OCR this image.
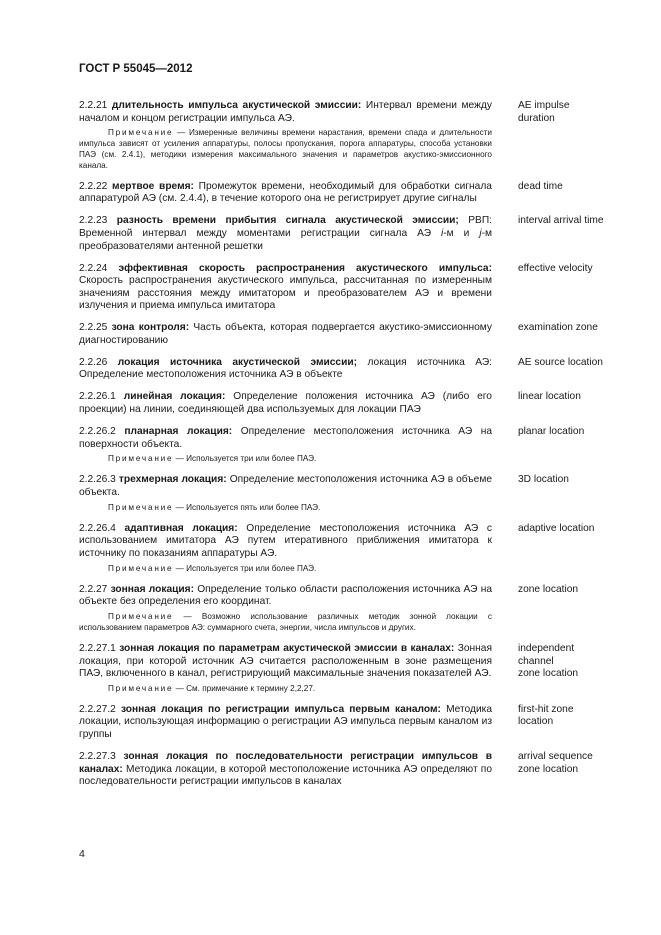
ГОСТ Р 55045—2012

2.2.21 длительность импульса акустической эмиссии: Интервал времени между началом и концом регистрации импульса АЭ.

Примечание — Измеренные величины времени нарастания, времени спада и длительности импульса зависят от усиления аппаратуры, полосы пропускания, порога аппаратуры, способа установки ПАЭ (см. 2.4.1), методики измерения максимального значения и параметров акустико-эмиссионного канала.
AE impulse
duration

2.2.22 мертвое время: Промежуток времени, необходимый для обработки сигнала аппаратурой АЭ (см. 2.4.4), в течение которого она не регистрирует другие сигналы

dead time

2.2.23 разность времени прибытия сигнала акустической эмиссии; РВП: Временной интервал между моментами регистрации сигнала АЭ i-м и j-м преобразователями антенной решетки

interval arrival time

2.2.24 эффективная скорость распространения акустического импульса: Скорость распространения акустического импульса, рассчитанная по измеренным значениям расстояния между имитатором и преобразователем АЭ и времени излучения и приема импульса имитатора

effective velocity

2.2.25 зона контроля: Часть объекта, которая подвергается акустико-эмиссионному диагностированию

examination zone

2.2.26 локация источника акустической эмиссии; локация источника АЭ: Определение местоположения источника АЭ в объекте

AE source location

2.2.26.1 линейная локация: Определение положения источника АЭ (либо его проекции) на линии, соединяющей два используемых для локации ПАЭ

linear location

2.2.26.2 планарная локация: Определение местоположения источника АЭ на поверхности объекта.

Примечание — Используется три или более ПАЭ.
planar location

2.2.26.3 трехмерная локация: Определение местоположения источника АЭ в объеме объекта.

Примечание — Используется пять или более ПАЭ.
3D location

2.2.26.4 адаптивная локация: Определение местоположения источника АЭ с использованием имитатора АЭ путем итеративного приближения имитатора к источнику по показаниям аппаратуры АЭ.

Примечание — Используется три или более ПАЭ.
adaptive location

2.2.27 зонная локация: Определение только области расположения источника АЭ на объекте без определения его координат.

Примечание — Возможно использование различных методик зонной локации с использованием параметров АЭ: суммарного счета, энергии, числа импульсов и других.
zone location

2.2.27.1 зонная локация по параметрам акустической эмиссии в каналах: Зонная локация, при которой источник АЭ считается расположенным в зоне размещения ПАЭ, включенного в канал, регистрирующий максимальные значения показателей АЭ.

Примечание — См. примечание к термину 2,2,27.
independent
channel
zone location

2.2.27.2 зонная локация по регистрации импульса первым каналом: Методика локации, использующая информацию о регистрации АЭ импульса первым каналом из группы

first-hit zone
location

2.2.27.3 зонная локация по последовательности регистрации импульсов в каналах: Методика локации, в которой местоположение источника АЭ определяют по последовательности регистрации импульсов в каналах

arrival sequence
zone location
4
